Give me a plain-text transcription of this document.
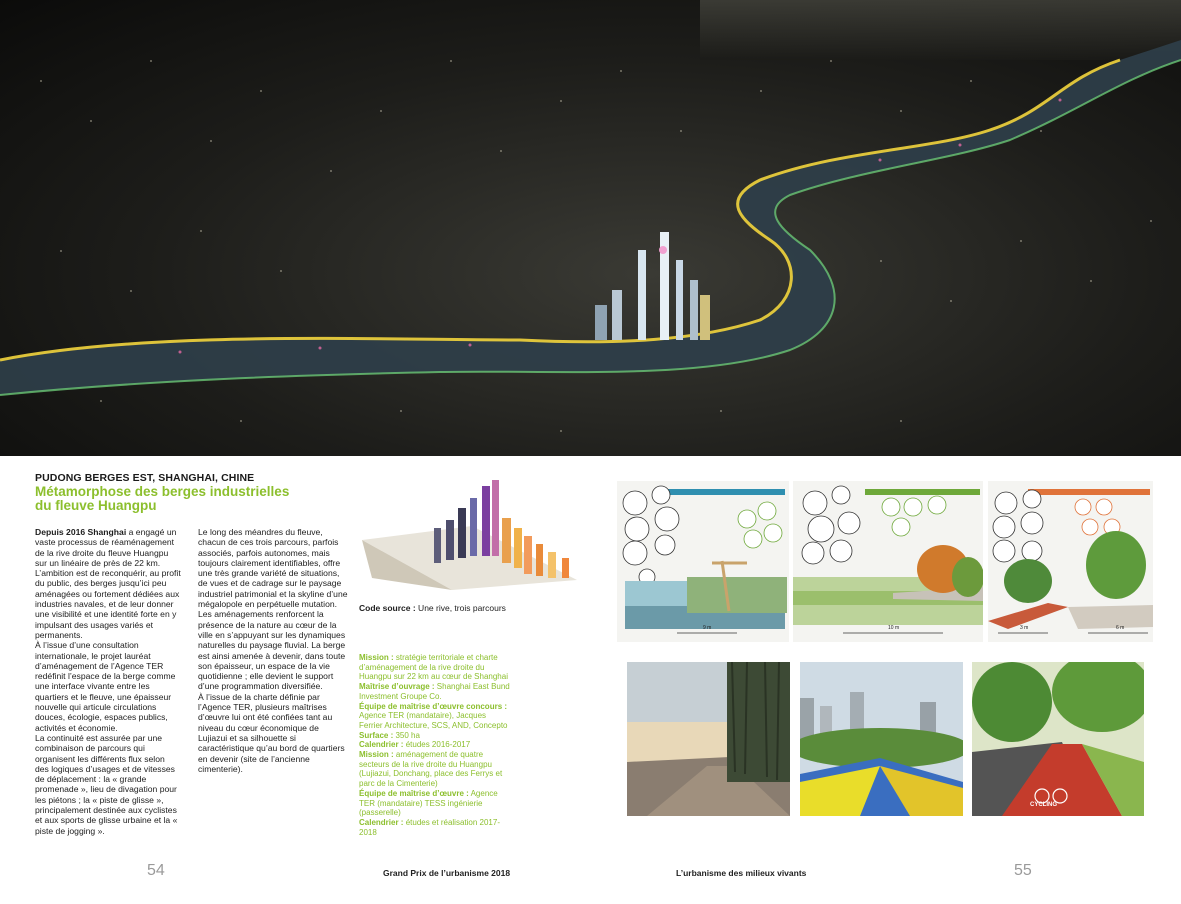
PUDONG BERGES EST, SHANGHAI, CHINE
Métamorphose des berges industrielles
du fleuve Huangpu

Depuis 2016 Shanghai a engagé un vaste processus de réaménagement de la rive droite du fleuve Huangpu sur un linéaire de près de 22 km. L’ambition est de reconquérir, au profit du public, des berges jusqu’ici peu aménagées ou fortement dédiées aux industries navales, et de leur donner une visibilité et une identité forte en y impulsant des usages variés et permanents.

À l’issue d’une consultation internationale, le projet lauréat d’aménagement de l’Agence TER redéfinit l’espace de la berge comme une interface vivante entre les quartiers et le fleuve, une épaisseur nouvelle qui articule circulations douces, écologie, espaces publics, activités et économie.

La continuité est assurée par une combinaison de parcours qui organisent les différents flux selon des logiques d’usages et de vitesses de déplacement : la « grande promenade », lieu de divagation pour les piétons ; la « piste de glisse », principalement destinée aux cyclistes et aux sports de glisse urbaine et la « piste de jogging ».

Le long des méandres du fleuve, chacun de ces trois parcours, parfois associés, parfois autonomes, mais toujours clairement identifiables, offre une très grande variété de situations, de vues et de cadrage sur le paysage industriel patrimonial et la skyline d’une mégalopole en perpétuelle mutation.

Les aménagements renforcent la présence de la nature au cœur de la ville en s’appuyant sur les dynamiques naturelles du paysage fluvial. La berge est ainsi amenée à devenir, dans toute son épaisseur, un espace de la vie quotidienne ; elle devient le support d’une programmation diversifiée.

À l’issue de la charte définie par l’Agence TER, plusieurs maîtrises d’œuvre lui ont été confiées tant au niveau du cœur économique de Lujiazui et sa silhouette si caractéristique qu’au bord de quartiers en devenir (site de l’ancienne cimenterie).

Code source : Une rive, trois parcours
Mission : stratégie territoriale et charte d’aménagement de la rive droite du Huangpu sur 22 km au cœur de Shanghai
Maîtrise d’ouvrage : Shanghai East Bund Investment Groupe Co.
Équipe de maîtrise d’œuvre concours : Agence TER (mandataire), Jacques Ferrier Architecture, SCS, AND, Concepto
Surface : 350 ha
Calendrier : études 2016-2017
Mission : aménagement de quatre secteurs de la rive droite du Huangpu (Lujiazui, Donchang, place des Ferrys et parc de la Cimenterie)
Équipe de maîtrise d’œuvre : Agence TER (mandataire) TESS ingénierie (passerelle)
Calendrier : études et réalisation 2017-2018
9 m	10 m	3 m	6 m
CYCLING
54	Grand Prix de l’urbanisme 2018	L’urbanisme des milieux vivants	55
